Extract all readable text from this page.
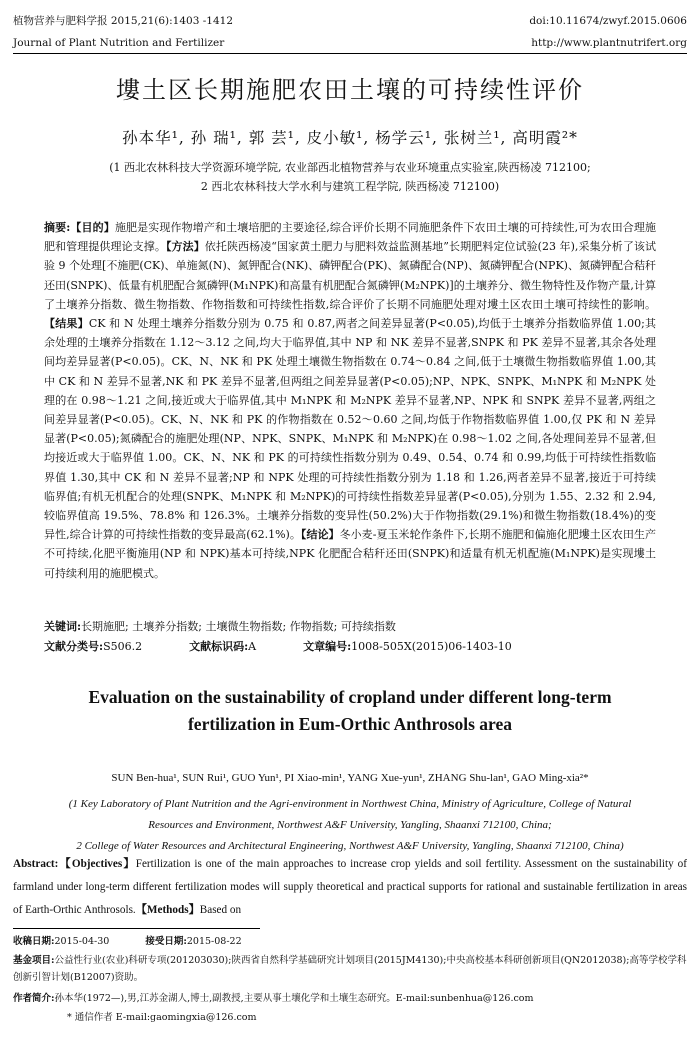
植物营养与肥料学报 2015,21(6):1403 -1412	doi:10.11674/zwyf.2015.0606
Journal of Plant Nutrition and Fertilizer	http://www.plantnutrifert.org
塿土区长期施肥农田土壤的可持续性评价
孙本华¹, 孙 瑞¹, 郭 芸¹, 皮小敏¹, 杨学云¹, 张树兰¹, 高明霞²*
(1 西北农林科技大学资源环境学院, 农业部西北植物营养与农业环境重点实验室,陕西杨凌 712100;
2 西北农林科技大学水利与建筑工程学院, 陕西杨凌 712100)
摘要:【目的】施肥是实现作物增产和土壤培肥的主要途径,综合评价长期不同施肥条件下农田土壤的可持续性,可为农田合理施肥和管理提供理论支撑。【方法】依托陕西杨凌“国家黄土肥力与肥料效益监测基地”长期肥料定位试验(23 年),采集分析了该试验 9 个处理[不施肥(CK)、单施氮(N)、氮钾配合(NK)、磷钾配合(PK)、氮磷配合(NP)、氮磷钾配合(NPK)、氮磷钾配合秸秆还田(SNPK)、低量有机肥配合氮磷钾(M₁NPK)和高量有机肥配合氮磷钾(M₂NPK)]的土壤养分、微生物特性及作物产量,计算了土壤养分指数、微生物指数、作物指数和可持续性指数,综合评价了长期不同施肥处理对塿土区农田土壤可持续性的影响。【结果】CK 和 N 处理土壤养分指数分别为 0.75 和 0.87,两者之间差异显著(P<0.05),均低于土壤养分指数临界值 1.00;其余处理的土壤养分指数在 1.12～3.12 之间,均大于临界值,其中 NP 和 NK 差异不显著,SNPK 和 PK 差异不显著,其余各处理间均差异显著(P<0.05)。CK、N、NK 和 PK 处理土壤微生物指数在 0.74～0.84 之间,低于土壤微生物指数临界值 1.00,其中 CK 和 N 差异不显著,NK 和 PK 差异不显著,但两组之间差异显著(P<0.05);NP、NPK、SNPK、M₁NPK 和 M₂NPK 处理的在 0.98～1.21 之间,接近或大于临界值,其中 M₁NPK 和 M₂NPK 差异不显著,NP、NPK 和 SNPK 差异不显著,两组之间差异显著(P<0.05)。CK、N、NK 和 PK 的作物指数在 0.52～0.60 之间,均低于作物指数临界值 1.00,仅 PK 和 N 差异显著(P<0.05);氮磷配合的施肥处理(NP、NPK、SNPK、M₁NPK 和 M₂NPK)在 0.98～1.02 之间,各处理间差异不显著,但均接近或大于临界值 1.00。CK、N、NK 和 PK 的可持续性指数分别为 0.49、0.54、0.74 和 0.99,均低于可持续性指数临界值 1.30,其中 CK 和 N 差异不显著;NP 和 NPK 处理的可持续性指数分别为 1.18 和 1.26,两者差异不显著,接近于可持续临界值;有机无机配合的处理(SNPK、M₁NPK 和 M₂NPK)的可持续性指数差异显著(P<0.05),分别为 1.55、2.32 和 2.94,较临界值高 19.5%、78.8% 和 126.3%。土壤养分指数的变异性(50.2%)大于作物指数(29.1%)和微生物指数(18.4%)的变异性,综合计算的可持续性指数的变异最高(62.1%)。【结论】冬小麦-夏玉米轮作条件下,长期不施肥和偏施化肥塿土区农田生产不可持续,化肥平衡施用(NP 和 NPK)基本可持续,NPK 化肥配合秸秆还田(SNPK)和适量有机无机配施(M₁NPK)是实现塿土可持续利用的施肥模式。
关键词:长期施肥; 土壤养分指数; 土壤微生物指数; 作物指数; 可持续指数
文献分类号:S506.2	文献标识码:A	文章编号:1008-505X(2015)06-1403-10
Evaluation on the sustainability of cropland under different long-term
fertilization in Eum-Orthic Anthrosols area
SUN Ben-hua¹, SUN Rui¹, GUO Yun¹, PI Xiao-min¹, YANG Xue-yun¹, ZHANG Shu-lan¹, GAO Ming-xia²*
(1 Key Laboratory of Plant Nutrition and the Agri-environment in Northwest China, Ministry of Agriculture, College of Natural
Resources and Environment, Northwest A&F University, Yangling, Shaanxi 712100, China;
2 College of Water Resources and Architectural Engineering, Northwest A&F University, Yangling, Shaanxi 712100, China)
Abstract:【Objectives】Fertilization is one of the main approaches to increase crop yields and soil fertility. Assessment on the sustainability of farmland under long-term different fertilization modes will supply theoretical and practical supports for rational and sustainable fertilization in areas of Earth-Orthic Anthrosols.【Methods】Based on
收稿日期:2015-04-30	接受日期:2015-08-22
基金项目:公益性行业(农业)科研专项(201203030);陕西省自然科学基础研究计划项目(2015JM4130);中央高校基本科研创新项目(QN2012038);高等学校学科创新引智计划(B12007)资助。
作者简介:孙本华(1972—),男,江苏金湖人,博士,副教授,主要从事土壤化学和土壤生态研究。E-mail:sunbenhua@126.com
* 通信作者 E-mail:gaomingxia@126.com
